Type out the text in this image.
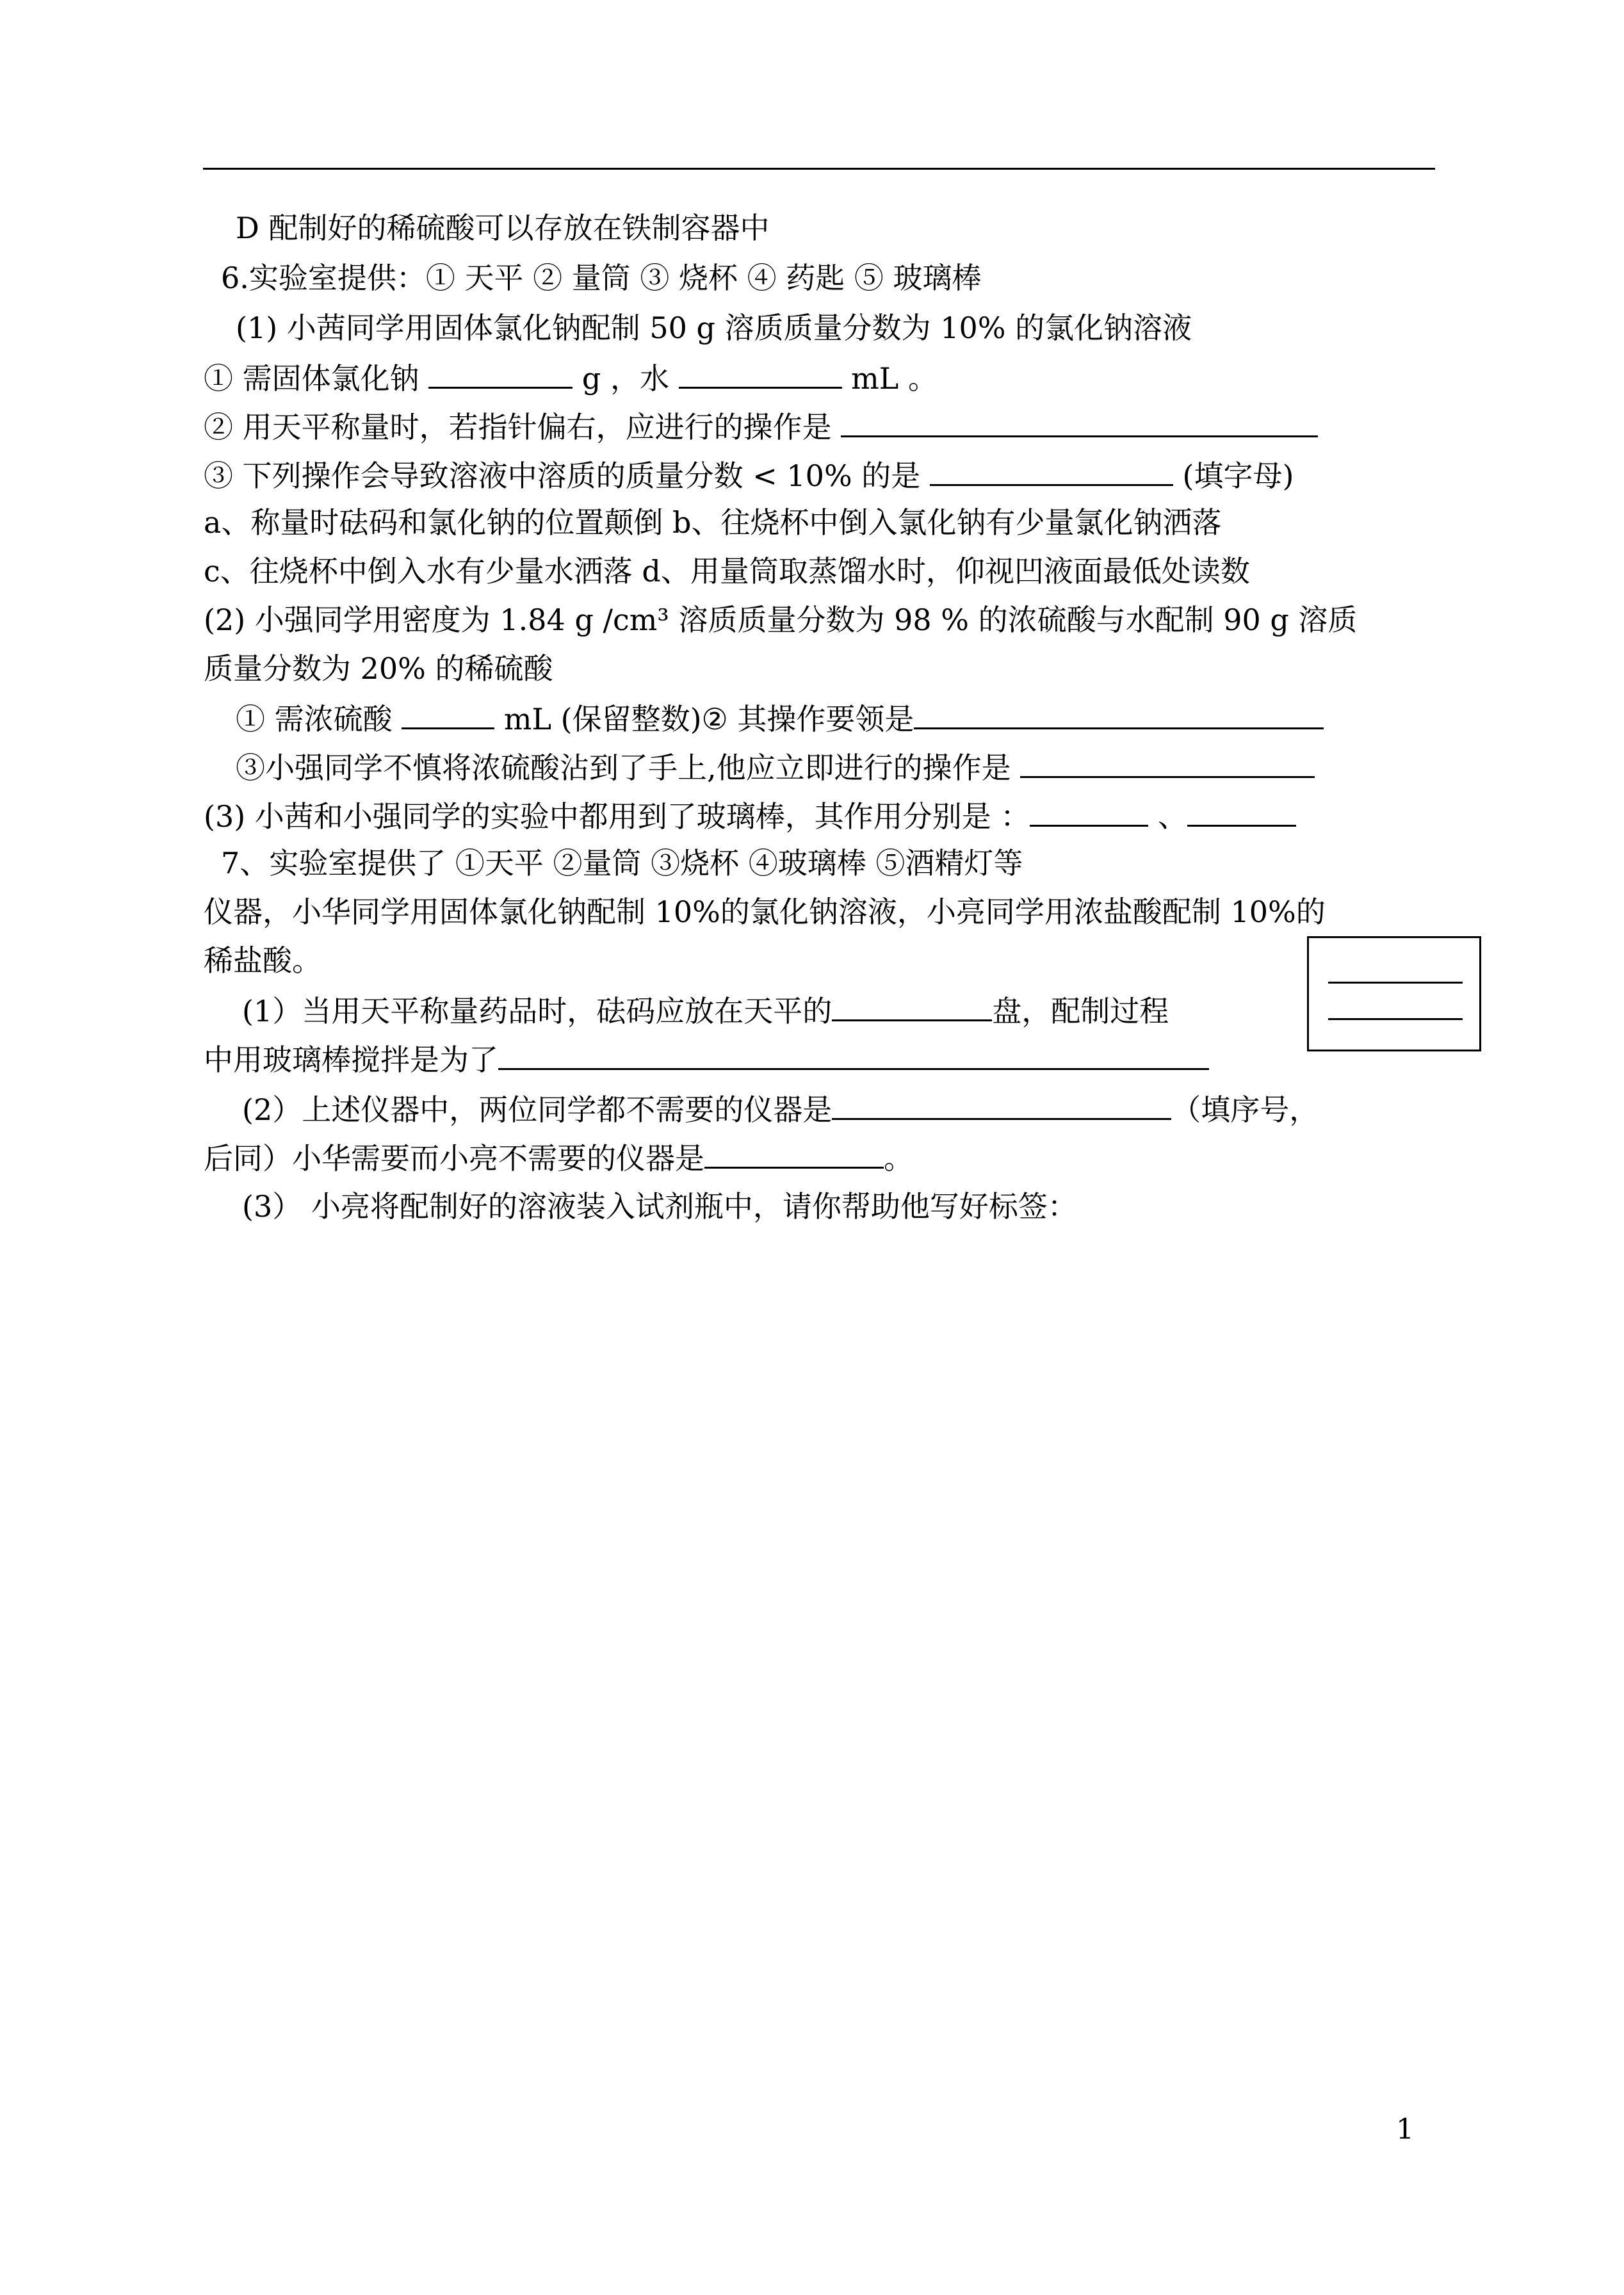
D 配制好的稀硫酸可以存放在铁制容器中
6.实验室提供：① 天平 ② 量筒 ③ 烧杯 ④ 药匙 ⑤ 玻璃棒
(1) 小茜同学用固体氯化钠配制 50 g 溶质质量分数为 10% 的氯化钠溶液
① 需固体氯化钠	g ，水	mL 。
② 用天平称量时，若指针偏右，应进行的操作是
③ 下列操作会导致溶液中溶质的质量分数 < 10% 的是	(填字母)
a、称量时砝码和氯化钠的位置颠倒 b、往烧杯中倒入氯化钠有少量氯化钠洒落
c、往烧杯中倒入水有少量水洒落 d、用量筒取蒸馏水时，仰视凹液面最低处读数
(2) 小强同学用密度为 1.84 g /cm³ 溶质质量分数为 98 % 的浓硫酸与水配制 90 g 溶质
质量分数为 20% 的稀硫酸
① 需浓硫酸	mL (保留整数)② 其操作要领是
③小强同学不慎将浓硫酸沾到了手上,他应立即进行的操作是
(3) 小茜和小强同学的实验中都用到了玻璃棒，其作用分别是 ：	、
7、实验室提供了 ①天平 ②量筒 ③烧杯 ④玻璃棒 ⑤酒精灯等
仪器，小华同学用固体氯化钠配制 10%的氯化钠溶液，小亮同学用浓盐酸配制 10%的
稀盐酸。
(1）当用天平称量药品时，砝码应放在天平的	盘，配制过程
中用玻璃棒搅拌是为了
(2）上述仪器中，两位同学都不需要的仪器是	（填序号，
后同）小华需要而小亮不需要的仪器是	。
(3） 小亮将配制好的溶液装入试剂瓶中，请你帮助他写好标签：
1
